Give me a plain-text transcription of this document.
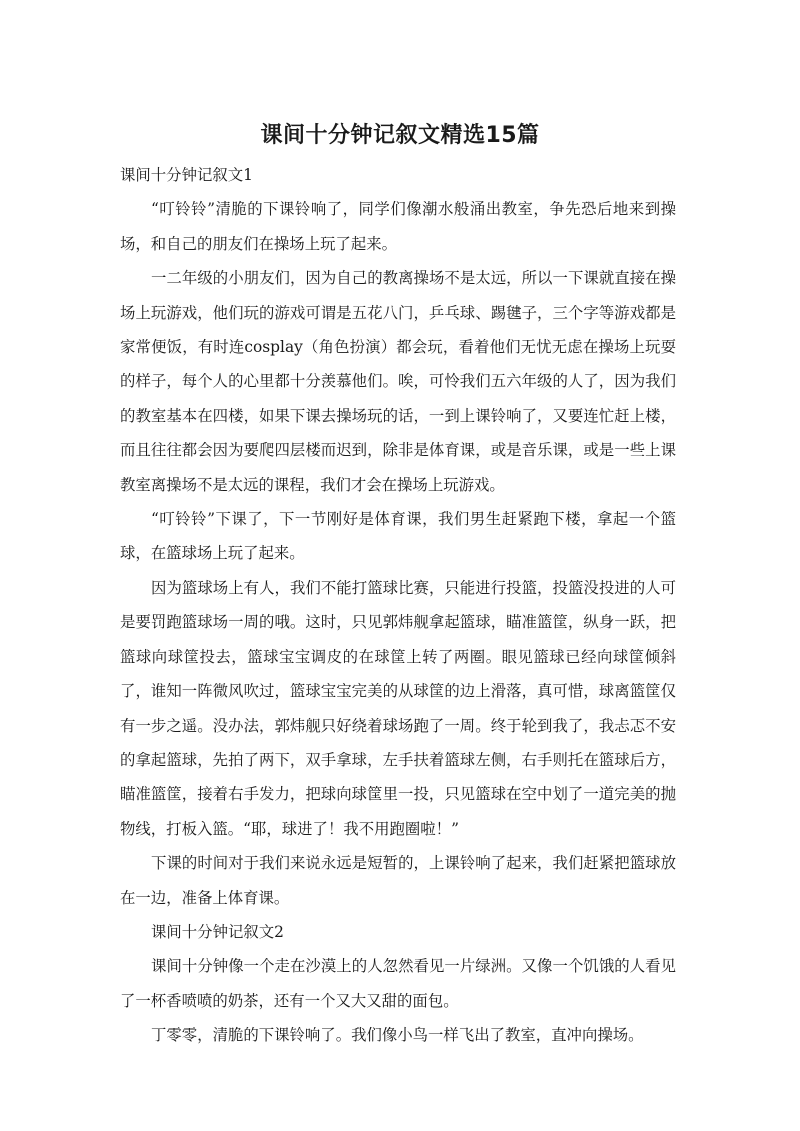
课间十分钟记叙文精选15篇

课间十分钟记叙文1

“叮铃铃”清脆的下课铃响了，同学们像潮水般涌出教室，争先恐后地来到操场，和自己的朋友们在操场上玩了起来。

一二年级的小朋友们，因为自己的教离操场不是太远，所以一下课就直接在操场上玩游戏，他们玩的游戏可谓是五花八门，乒乓球、踢毽子，三个字等游戏都是家常便饭，有时连cosplay（角色扮演）都会玩，看着他们无忧无虑在操场上玩耍的样子，每个人的心里都十分羡慕他们。唉，可怜我们五六年级的人了，因为我们的教室基本在四楼，如果下课去操场玩的话，一到上课铃响了，又要连忙赶上楼，而且往往都会因为要爬四层楼而迟到，除非是体育课，或是音乐课，或是一些上课教室离操场不是太远的课程，我们才会在操场上玩游戏。

“叮铃铃”下课了，下一节刚好是体育课，我们男生赶紧跑下楼，拿起一个篮球，在篮球场上玩了起来。

因为篮球场上有人，我们不能打篮球比赛，只能进行投篮，投篮没投进的人可是要罚跑篮球场一周的哦。这时，只见郭炜舰拿起篮球，瞄准篮筐，纵身一跃，把篮球向球筐投去，篮球宝宝调皮的在球筐上转了两圈。眼见篮球已经向球筐倾斜了，谁知一阵微风吹过，篮球宝宝完美的从球筐的边上滑落，真可惜，球离篮筐仅有一步之遥。没办法，郭炜舰只好绕着球场跑了一周。终于轮到我了，我忐忑不安的拿起篮球，先拍了两下，双手拿球，左手扶着篮球左侧，右手则托在篮球后方，瞄准篮筐，接着右手发力，把球向球筐里一投，只见篮球在空中划了一道完美的抛物线，打板入篮。“耶，球进了！我不用跑圈啦！”

下课的时间对于我们来说永远是短暂的，上课铃响了起来，我们赶紧把篮球放在一边，准备上体育课。

课间十分钟记叙文2

课间十分钟像一个走在沙漠上的人忽然看见一片绿洲。又像一个饥饿的人看见了一杯香喷喷的奶茶，还有一个又大又甜的面包。

丁零零，清脆的下课铃响了。我们像小鸟一样飞出了教室，直冲向操场。
